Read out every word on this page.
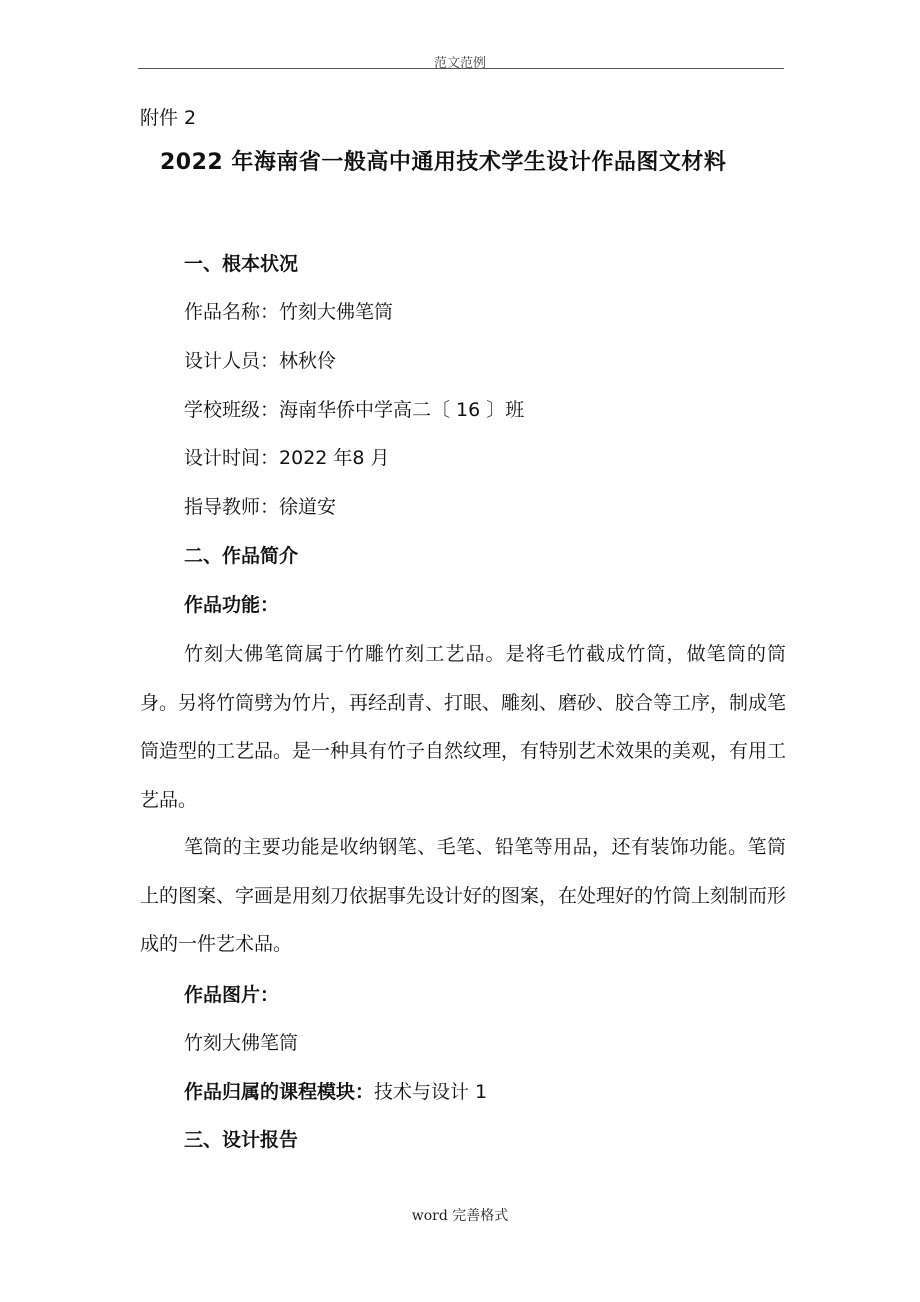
范文范例
附件 2
2022 年海南省一般高中通用技术学生设计作品图文材料
一、根本状况
作品名称：竹刻大佛笔筒
设计人员：林秋伶
学校班级：海南华侨中学高二〔 16 〕班
设计时间：2022 年8 月
指导教师：徐道安
二、作品简介
作品功能：

竹刻大佛笔筒属于竹雕竹刻工艺品。是将毛竹截成竹筒，做笔筒的筒身。另将竹筒劈为竹片，再经刮青、打眼、雕刻、磨砂、胶合等工序，制成笔筒造型的工艺品。是一种具有竹子自然纹理，有特别艺术效果的美观，有用工艺品。

笔筒的主要功能是收纳钢笔、毛笔、铅笔等用品，还有装饰功能。笔筒上的图案、字画是用刻刀依据事先设计好的图案，在处理好的竹筒上刻制而形成的一件艺术品。

作品图片：
竹刻大佛笔筒
作品归属的课程模块：技术与设计 1
三、设计报告
word 完善格式
